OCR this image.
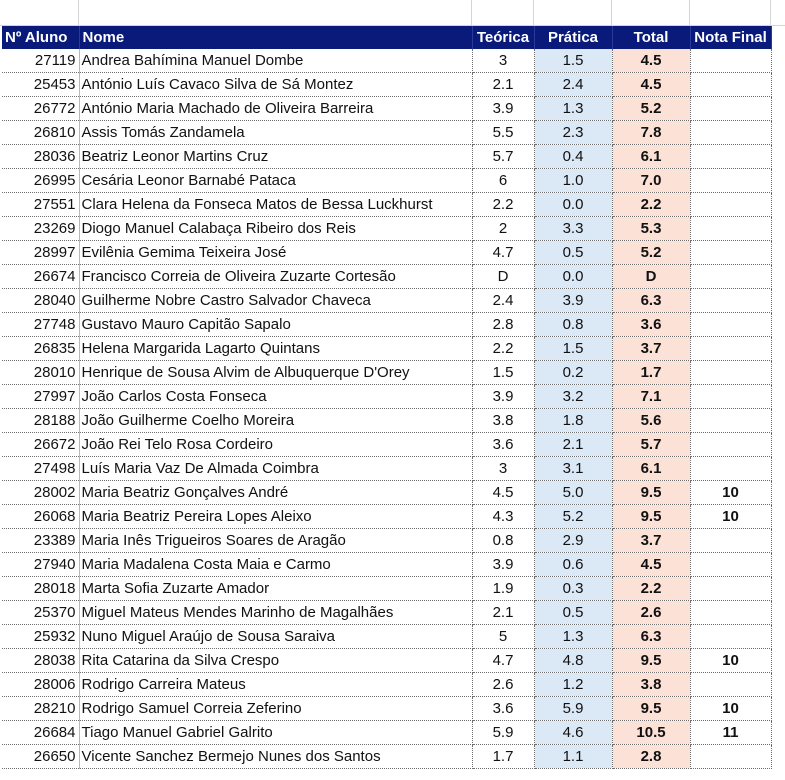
Nº Aluno	Nome	Teórica	Prática	Total	Nota Final
27119	Andrea Bahímina Manuel Dombe	3	1.5	4.5	
25453	António Luís Cavaco Silva de Sá Montez	2.1	2.4	4.5	
26772	António Maria Machado de Oliveira Barreira	3.9	1.3	5.2	
26810	Assis Tomás Zandamela	5.5	2.3	7.8	
28036	Beatriz Leonor Martins Cruz	5.7	0.4	6.1	
26995	Cesária Leonor Barnabé Pataca	6	1.0	7.0	
27551	Clara Helena da Fonseca Matos de Bessa Luckhurst	2.2	0.0	2.2	
23269	Diogo Manuel Calabaça Ribeiro dos Reis	2	3.3	5.3	
28997	Evilênia Gemima Teixeira José	4.7	0.5	5.2	
26674	Francisco Correia de Oliveira Zuzarte Cortesão	D	0.0	D	
28040	Guilherme Nobre Castro Salvador Chaveca	2.4	3.9	6.3	
27748	Gustavo Mauro Capitão Sapalo	2.8	0.8	3.6	
26835	Helena Margarida Lagarto Quintans	2.2	1.5	3.7	
28010	Henrique de Sousa Alvim de Albuquerque D'Orey	1.5	0.2	1.7	
27997	João Carlos Costa Fonseca	3.9	3.2	7.1	
28188	João Guilherme Coelho Moreira	3.8	1.8	5.6	
26672	João Rei Telo Rosa Cordeiro	3.6	2.1	5.7	
27498	Luís Maria Vaz De Almada Coimbra	3	3.1	6.1	
28002	Maria Beatriz Gonçalves André	4.5	5.0	9.5	10
26068	Maria Beatriz Pereira Lopes Aleixo	4.3	5.2	9.5	10
23389	Maria Inês Trigueiros Soares de Aragão	0.8	2.9	3.7	
27940	Maria Madalena Costa Maia e Carmo	3.9	0.6	4.5	
28018	Marta Sofia Zuzarte Amador	1.9	0.3	2.2	
25370	Miguel Mateus Mendes Marinho de Magalhães	2.1	0.5	2.6	
25932	Nuno Miguel Araújo de Sousa Saraiva	5	1.3	6.3	
28038	Rita Catarina da Silva Crespo	4.7	4.8	9.5	10
28006	Rodrigo Carreira Mateus	2.6	1.2	3.8	
28210	Rodrigo Samuel Correia Zeferino	3.6	5.9	9.5	10
26684	Tiago Manuel Gabriel Galrito	5.9	4.6	10.5	11
26650	Vicente Sanchez Bermejo Nunes dos Santos	1.7	1.1	2.8	
